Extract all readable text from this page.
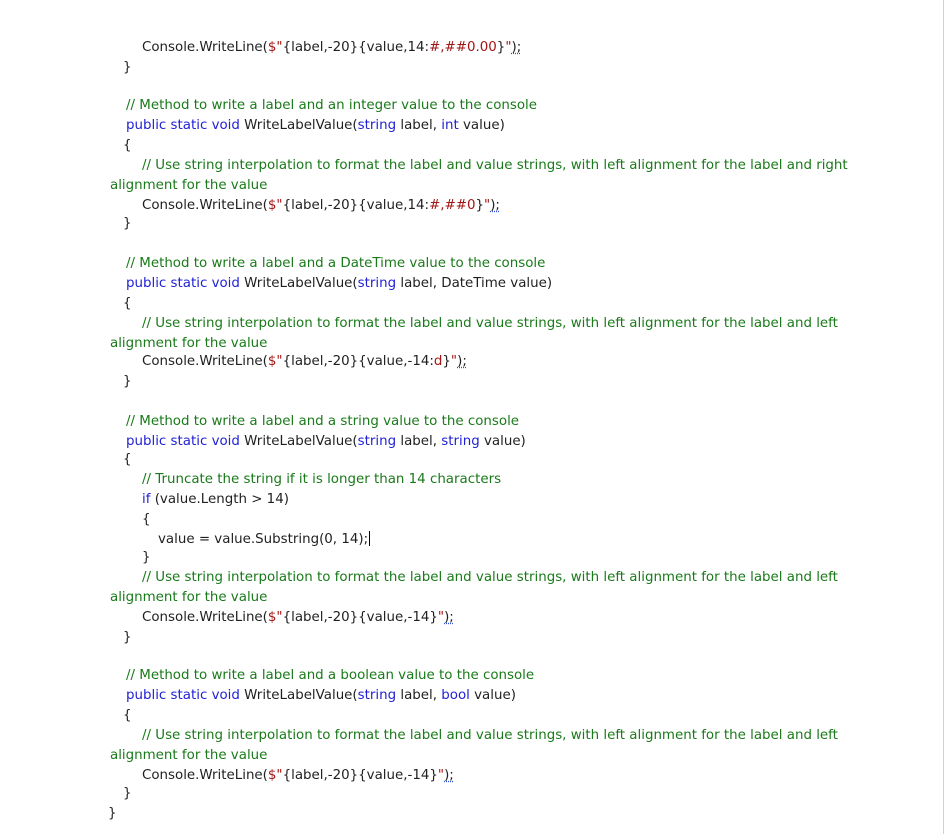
Console.WriteLine($"{label,-20}{value,14:#,##0.00}");
}
// Method to write a label and an integer value to the console
public static void WriteLabelValue(string label, int value)
{
// Use string interpolation to format the label and value strings, with left alignment for the label and right
alignment for the value
Console.WriteLine($"{label,-20}{value,14:#,##0}");
}
// Method to write a label and a DateTime value to the console
public static void WriteLabelValue(string label, DateTime value)
{
// Use string interpolation to format the label and value strings, with left alignment for the label and left
alignment for the value
Console.WriteLine($"{label,-20}{value,-14:d}");
}
// Method to write a label and a string value to the console
public static void WriteLabelValue(string label, string value)
{
// Truncate the string if it is longer than 14 characters
if (value.Length > 14)
{
value = value.Substring(0, 14);
}
// Use string interpolation to format the label and value strings, with left alignment for the label and left
alignment for the value
Console.WriteLine($"{label,-20}{value,-14}");
}
// Method to write a label and a boolean value to the console
public static void WriteLabelValue(string label, bool value)
{
// Use string interpolation to format the label and value strings, with left alignment for the label and left
alignment for the value
Console.WriteLine($"{label,-20}{value,-14}");
}
}
